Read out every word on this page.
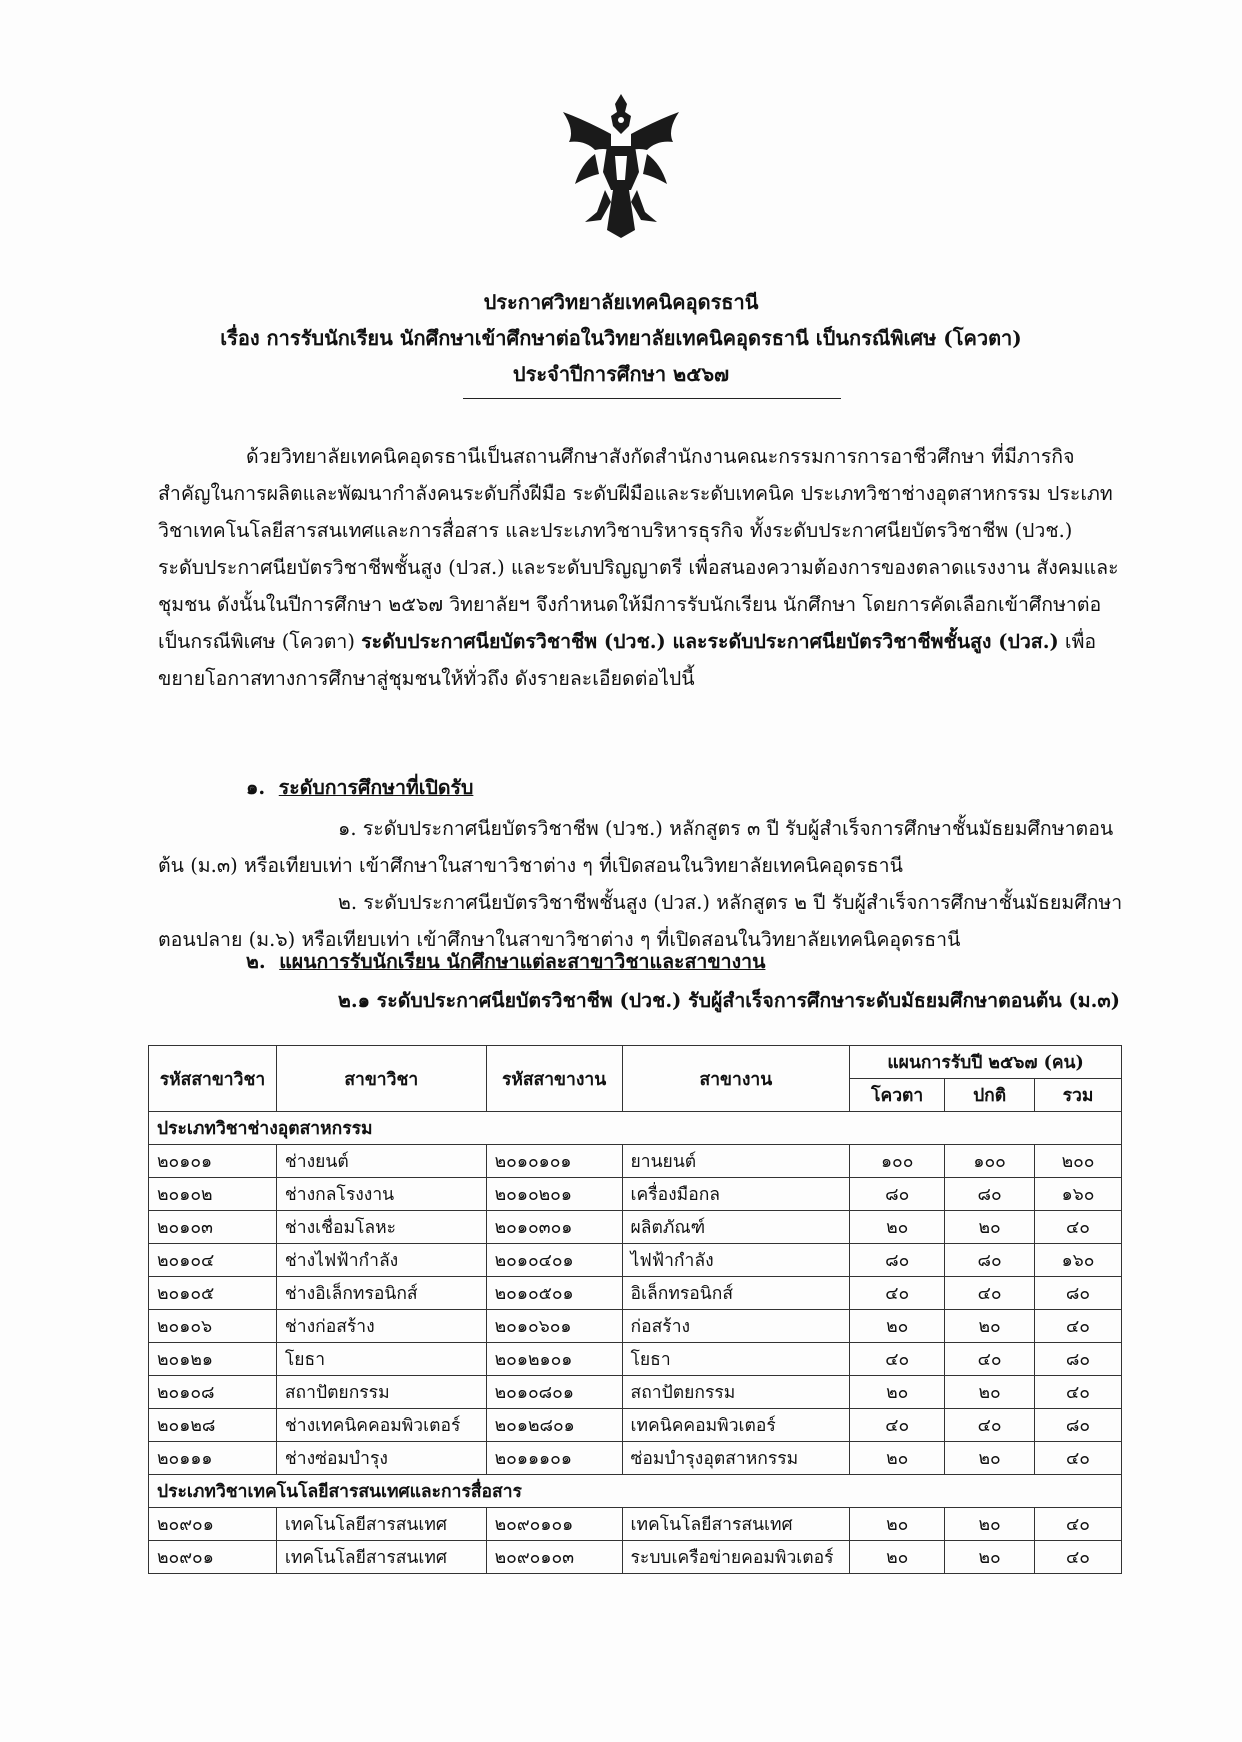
ประกาศวิทยาลัยเทคนิคอุดรธานี
เรื่อง การรับนักเรียน นักศึกษาเข้าศึกษาต่อในวิทยาลัยเทคนิคอุดรธานี เป็นกรณีพิเศษ (โควตา)
ประจำปีการศึกษา ๒๕๖๗

ด้วยวิทยาลัยเทคนิคอุดรธานีเป็นสถานศึกษาสังกัดสำนักงานคณะกรรมการการอาชีวศึกษา ที่มีภารกิจสำคัญในการผลิตและพัฒนากำลังคนระดับกึ่งฝีมือ ระดับฝีมือและระดับเทคนิค ประเภทวิชาช่างอุตสาหกรรม ประเภทวิชาเทคโนโลยีสารสนเทศและการสื่อสาร และประเภทวิชาบริหารธุรกิจ ทั้งระดับประกาศนียบัตรวิชาชีพ (ปวช.) ระดับประกาศนียบัตรวิชาชีพชั้นสูง (ปวส.) และระดับปริญญาตรี เพื่อสนองความต้องการของตลาดแรงงาน สังคมและชุมชน ดังนั้นในปีการศึกษา ๒๕๖๗ วิทยาลัยฯ จึงกำหนดให้มีการรับนักเรียน นักศึกษา โดยการคัดเลือกเข้าศึกษาต่อเป็นกรณีพิเศษ (โควตา) ระดับประกาศนียบัตรวิชาชีพ (ปวช.) และระดับประกาศนียบัตรวิชาชีพชั้นสูง (ปวส.) เพื่อขยายโอกาสทางการศึกษาสู่ชุมชนให้ทั่วถึง ดังรายละเอียดต่อไปนี้

๑. ระดับการศึกษาที่เปิดรับ

๑. ระดับประกาศนียบัตรวิชาชีพ (ปวช.) หลักสูตร ๓ ปี รับผู้สำเร็จการศึกษาชั้นมัธยมศึกษาตอนต้น (ม.๓) หรือเทียบเท่า เข้าศึกษาในสาขาวิชาต่าง ๆ ที่เปิดสอนในวิทยาลัยเทคนิคอุดรธานี

๒. ระดับประกาศนียบัตรวิชาชีพชั้นสูง (ปวส.) หลักสูตร ๒ ปี รับผู้สำเร็จการศึกษาชั้นมัธยมศึกษาตอนปลาย (ม.๖) หรือเทียบเท่า เข้าศึกษาในสาขาวิชาต่าง ๆ ที่เปิดสอนในวิทยาลัยเทคนิคอุดรธานี

๒. แผนการรับนักเรียน นักศึกษาแต่ละสาขาวิชาและสาขางาน

๒.๑ ระดับประกาศนียบัตรวิชาชีพ (ปวช.) รับผู้สำเร็จการศึกษาระดับมัธยมศึกษาตอนต้น (ม.๓)

รหัสสาขาวิชา	สาขาวิชา	รหัสสาขางาน	สาขางาน	แผนการรับปี ๒๕๖๗ (คน)		
				โควตา	ปกติ	รวม
ประเภทวิชาช่างอุตสาหกรรม						
๒๐๑๐๑	ช่างยนต์	๒๐๑๐๑๐๑	ยานยนต์	๑๐๐	๑๐๐	๒๐๐
๒๐๑๐๒	ช่างกลโรงงาน	๒๐๑๐๒๐๑	เครื่องมือกล	๘๐	๘๐	๑๖๐
๒๐๑๐๓	ช่างเชื่อมโลหะ	๒๐๑๐๓๐๑	ผลิตภัณฑ์	๒๐	๒๐	๔๐
๒๐๑๐๔	ช่างไฟฟ้ากำลัง	๒๐๑๐๔๐๑	ไฟฟ้ากำลัง	๘๐	๘๐	๑๖๐
๒๐๑๐๕	ช่างอิเล็กทรอนิกส์	๒๐๑๐๕๐๑	อิเล็กทรอนิกส์	๔๐	๔๐	๘๐
๒๐๑๐๖	ช่างก่อสร้าง	๒๐๑๐๖๐๑	ก่อสร้าง	๒๐	๒๐	๔๐
๒๐๑๒๑	โยธา	๒๐๑๒๑๐๑	โยธา	๔๐	๔๐	๘๐
๒๐๑๐๘	สถาปัตยกรรม	๒๐๑๐๘๐๑	สถาปัตยกรรม	๒๐	๒๐	๔๐
๒๐๑๒๘	ช่างเทคนิคคอมพิวเตอร์	๒๐๑๒๘๐๑	เทคนิคคอมพิวเตอร์	๔๐	๔๐	๘๐
๒๐๑๑๑	ช่างซ่อมบำรุง	๒๐๑๑๑๐๑	ซ่อมบำรุงอุตสาหกรรม	๒๐	๒๐	๔๐
ประเภทวิชาเทคโนโลยีสารสนเทศและการสื่อสาร						
๒๐๙๐๑	เทคโนโลยีสารสนเทศ	๒๐๙๐๑๐๑	เทคโนโลยีสารสนเทศ	๒๐	๒๐	๔๐
๒๐๙๐๑	เทคโนโลยีสารสนเทศ	๒๐๙๐๑๐๓	ระบบเครือข่ายคอมพิวเตอร์	๒๐	๒๐	๔๐
